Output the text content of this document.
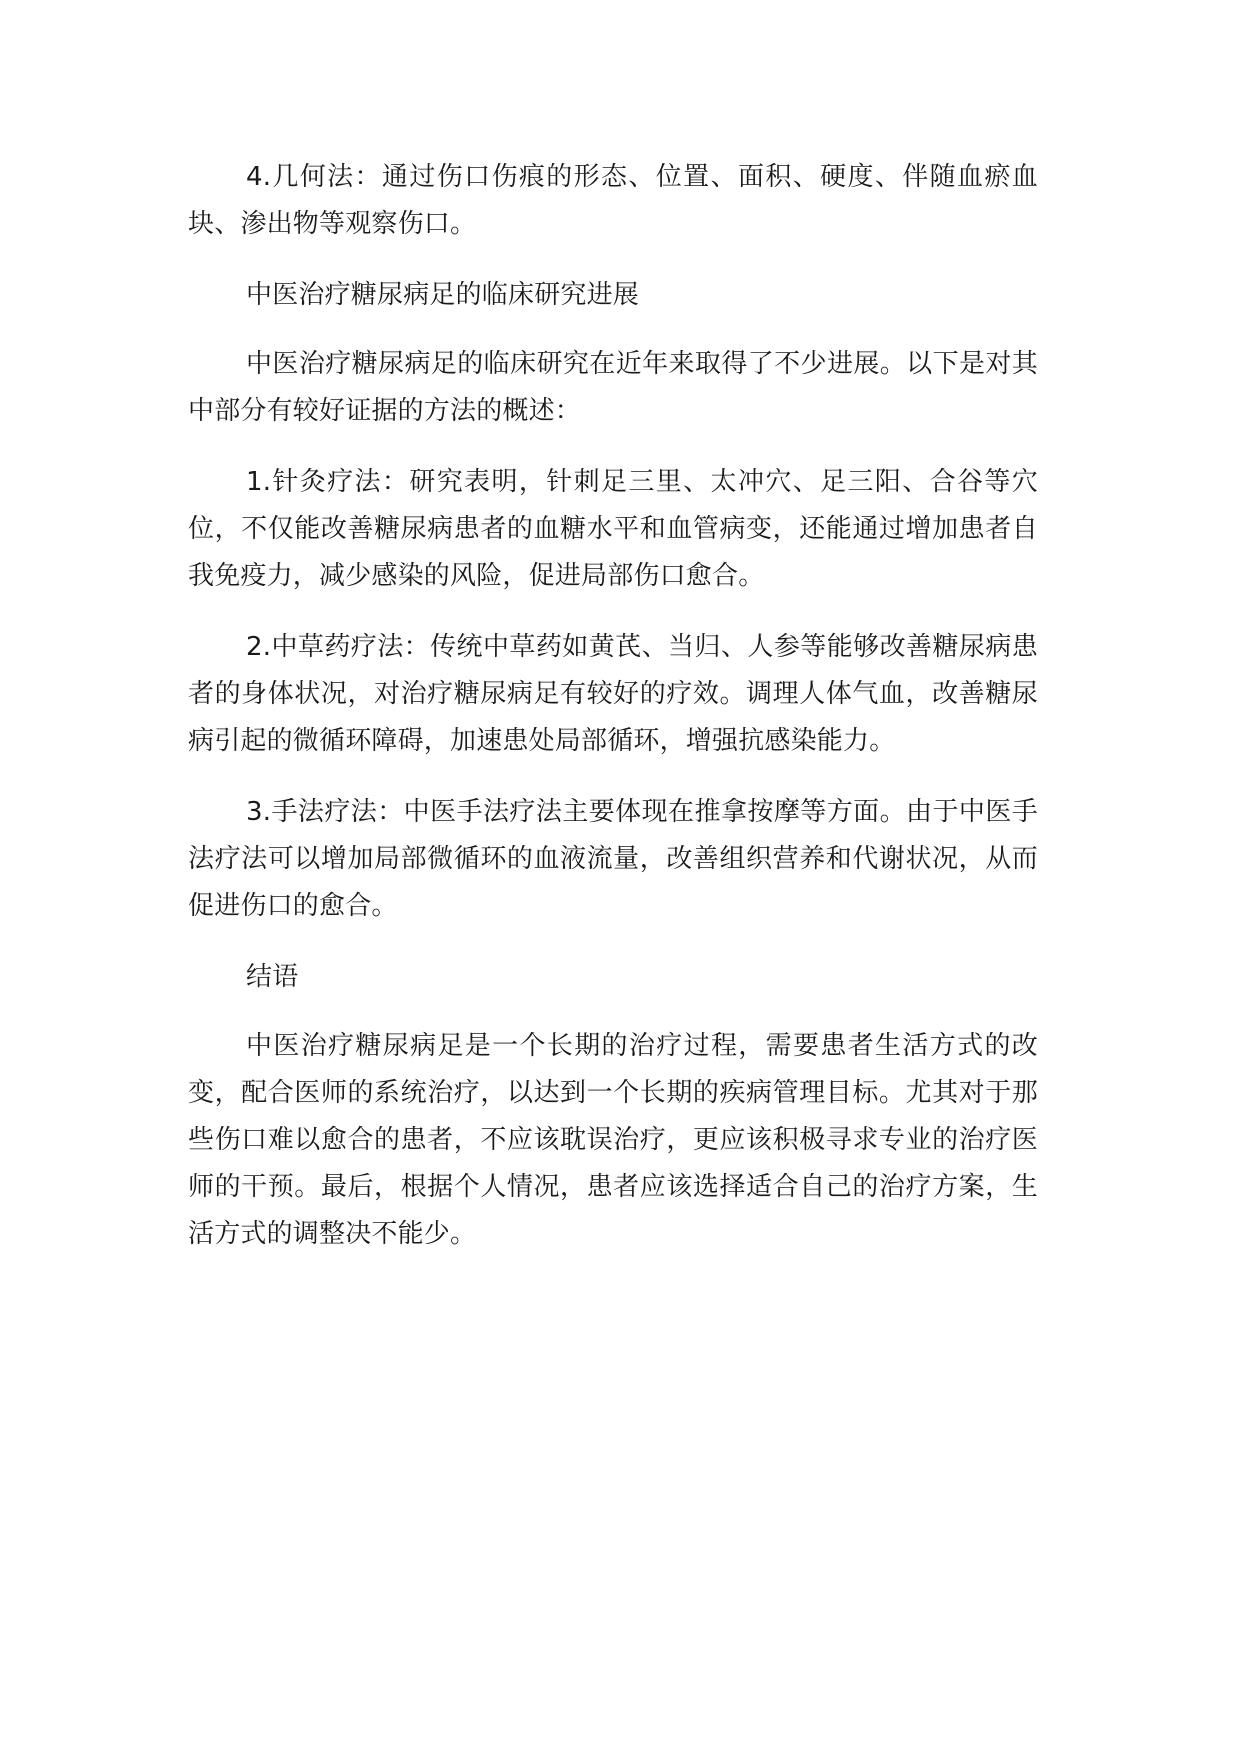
4.几何法：通过伤口伤痕的形态、位置、面积、硬度、伴随血瘀血块、渗出物等观察伤口。

中医治疗糖尿病足的临床研究进展

中医治疗糖尿病足的临床研究在近年来取得了不少进展。以下是对其中部分有较好证据的方法的概述：

1.针灸疗法：研究表明，针刺足三里、太冲穴、足三阳、合谷等穴位，不仅能改善糖尿病患者的血糖水平和血管病变，还能通过增加患者自我免疫力，减少感染的风险，促进局部伤口愈合。

2.中草药疗法：传统中草药如黄芪、当归、人参等能够改善糖尿病患者的身体状况，对治疗糖尿病足有较好的疗效。调理人体气血，改善糖尿病引起的微循环障碍，加速患处局部循环，增强抗感染能力。

3.手法疗法：中医手法疗法主要体现在推拿按摩等方面。由于中医手法疗法可以增加局部微循环的血液流量，改善组织营养和代谢状况，从而促进伤口的愈合。

结语

中医治疗糖尿病足是一个长期的治疗过程，需要患者生活方式的改变，配合医师的系统治疗，以达到一个长期的疾病管理目标。尤其对于那些伤口难以愈合的患者，不应该耽误治疗，更应该积极寻求专业的治疗医师的干预。最后，根据个人情况，患者应该选择适合自己的治疗方案，生活方式的调整决不能少。
